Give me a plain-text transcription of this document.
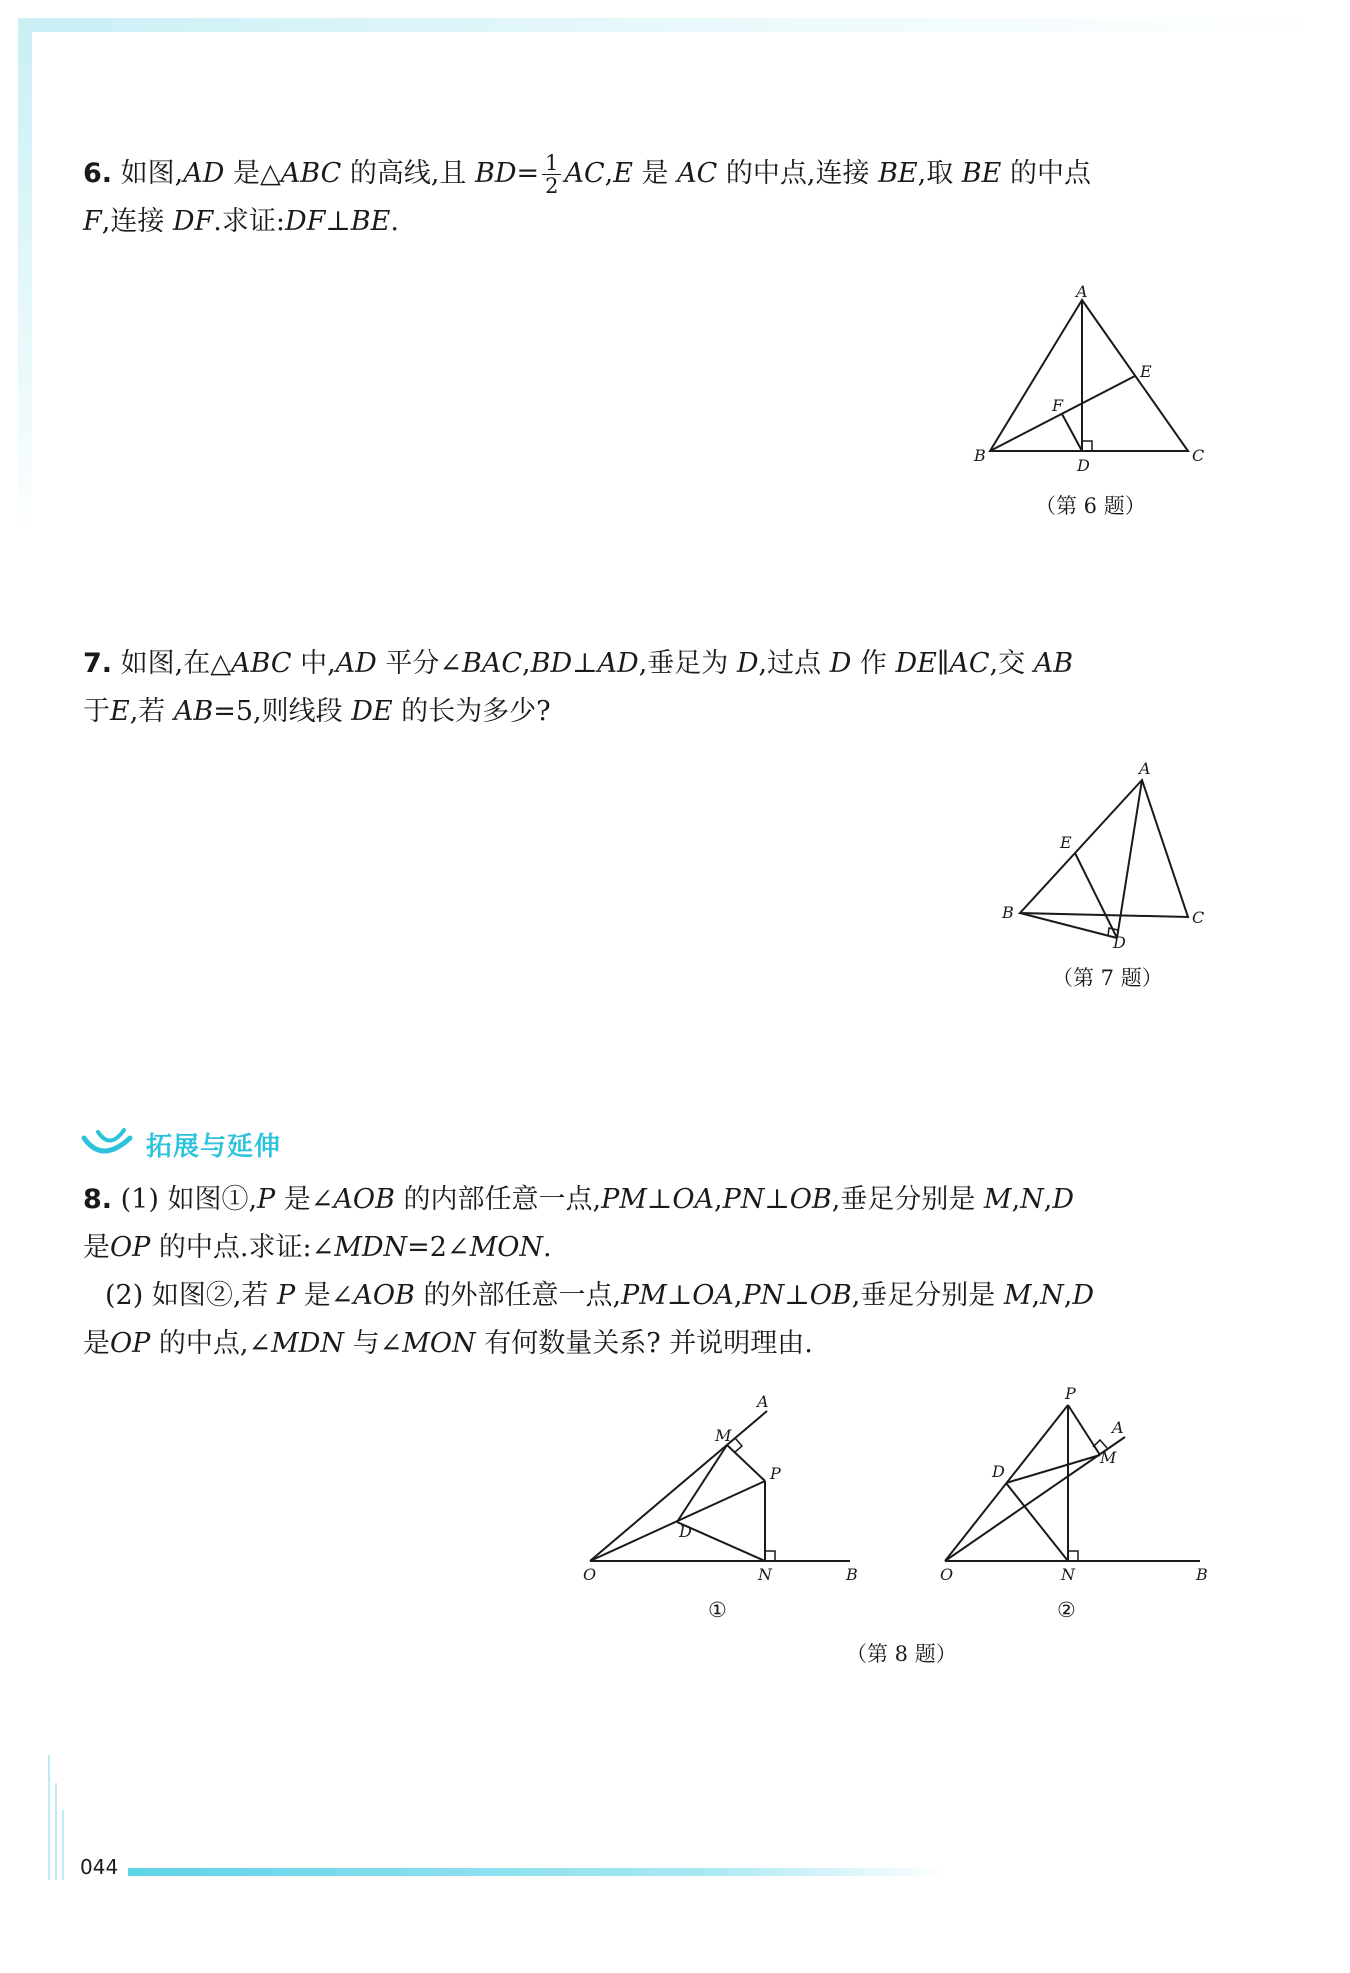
6. 如图,AD 是△ABC 的高线,且 $BD= \frac{1}{2} AC,E$ 是 AC 的中点,连接 BE,取 BE 的中点
F,连接 DF.求证:DF⊥BE.
A
B	C
D
E
F
（第 6 题）
7. 如图,在△ABC 中,AD 平分∠BAC,BD⊥AD,垂足为 D,过点 D 作 DE∥AC,交 AB
于E,若 AB=5,则线段 DE 的长为多少?
A
B	C
D
E
（第 7 题）
拓展与延伸
8. (1) 如图①,P 是∠AOB 的内部任意一点,PM⊥OA,PN⊥OB,垂足分别是 M,N,D
是OP 的中点.求证:∠MDN=2∠MON.
(2) 如图②,若 P 是∠AOB 的外部任意一点,PM⊥OA,PN⊥OB,垂足分别是 M,N,D
是OP 的中点,∠MDN 与∠MON 有何数量关系? 并说明理由.
A
B
M
P
D
N
O
①
P
A
M
D
N	B
O
②
（第 8 题）
044
